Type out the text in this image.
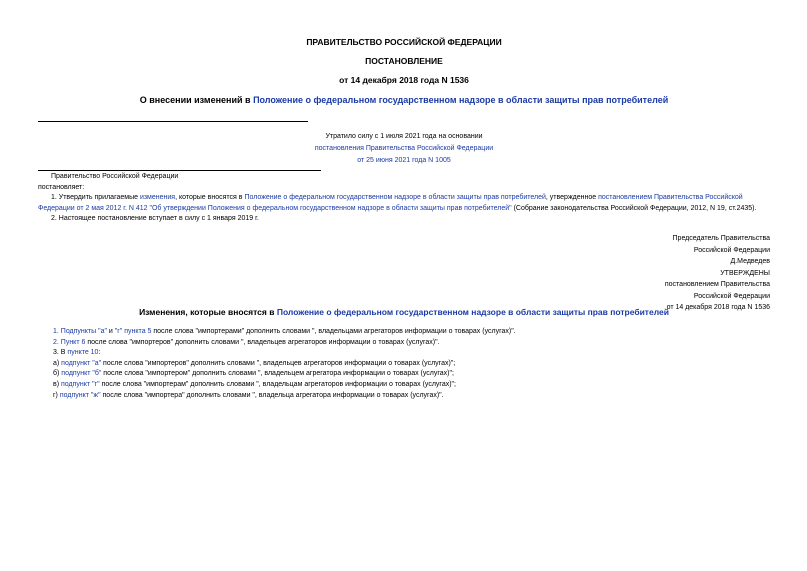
ПРАВИТЕЛЬСТВО РОССИЙСКОЙ ФЕДЕРАЦИИ
ПОСТАНОВЛЕНИЕ
от 14 декабря 2018 года N 1536
О внесении изменений в Положение о федеральном государственном надзоре в области защиты прав потребителей
Утратило силу с 1 июля 2021 года на основании
постановления Правительства Российской Федерации
от 25 июня 2021 года N 1005

Правительство Российской Федерации

постановляет:

1. Утвердить прилагаемые изменения, которые вносятся в Положение о федеральном государственном надзоре в области защиты прав потребителей, утвержденное постановлением Правительства Российской Федерации от 2 мая 2012 г. N 412 "Об утверждении Положения о федеральном государственном надзоре в области защиты прав потребителей" (Собрание законодательства Российской Федерации, 2012, N 19, ст.2435).

2. Настоящее постановление вступает в силу с 1 января 2019 г.

Председатель Правительства
Российской Федерации
Д.Медведев
УТВЕРЖДЕНЫ
постановлением Правительства
Российской Федерации
от 14 декабря 2018 года N 1536
Изменения, которые вносятся в Положение о федеральном государственном надзоре в области защиты прав потребителей

1. Подпункты "а" и "г" пункта 5 после слова "импортерами" дополнить словами ", владельцами агрегаторов информации о товарах (услугах)".

2. Пункт 6 после слова "импортеров" дополнить словами ", владельцев агрегаторов информации о товарах (услугах)".

3. В пункте 10:

а) подпункт "а" после слова "импортеров" дополнить словами ", владельцев агрегаторов информации о товарах (услугах)";

б) подпункт "б" после слова "импортером" дополнить словами ", владельцем агрегатора информации о товарах (услугах)";

в) подпункт "г" после слова "импортерам" дополнить словами ", владельцам агрегаторов информации о товарах (услугах)";

г) подпункт "ж" после слова "импортера" дополнить словами ", владельца агрегатора информации о товарах (услугах)".
